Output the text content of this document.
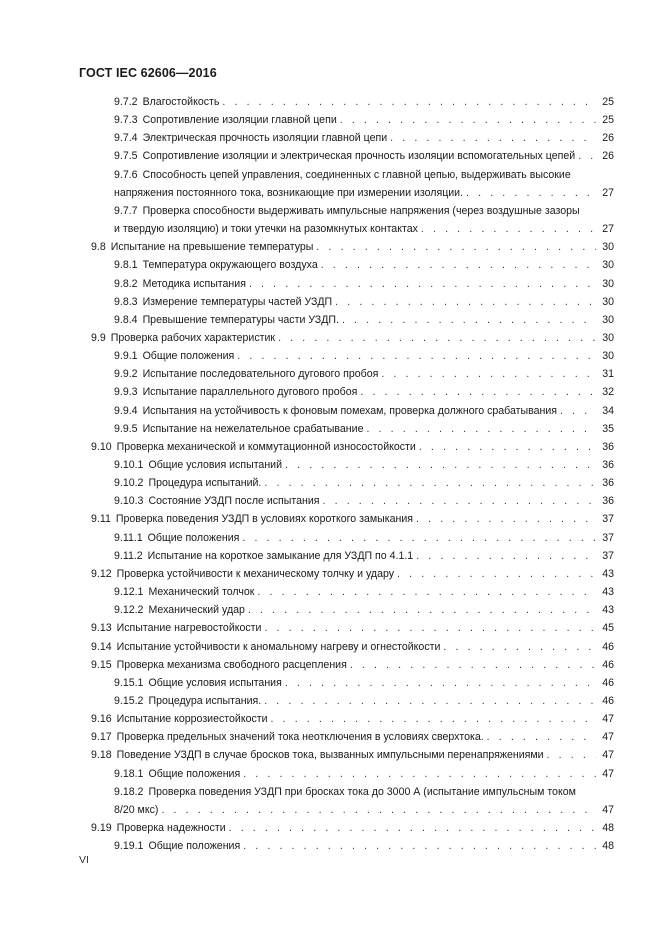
ГОСТ IEC 62606—2016
9.7.2 Влагостойкость . . .	25
9.7.3 Сопротивление изоляции главной цепи . . .	25
9.7.4 Электрическая прочность изоляции главной цепи . . .	26
9.7.5 Сопротивление изоляции и электрическая прочность изоляции вспомогательных цепей . . .	26
9.7.6 Способность цепей управления, соединенных с главной цепью, выдерживать высокие
напряжения постоянного тока, возникающие при измерении изоляции. . . .	27
9.7.7 Проверка способности выдерживать импульсные напряжения (через воздушные зазоры
и твердую изоляцию) и токи утечки на разомкнутых контактах . . .	27
9.8 Испытание на превышение температуры . . .	30
9.8.1 Температура окружающего воздуха . . .	30
9.8.2 Методика испытания . . .	30
9.8.3 Измерение температуры частей УЗДП . . .	30
9.8.4 Превышение температуры части УЗДП. . . .	30
9.9 Проверка рабочих характеристик . . .	30
9.9.1 Общие положения . . .	30
9.9.2 Испытание последовательного дугового пробоя . . .	31
9.9.3 Испытание параллельного дугового пробоя . . .	32
9.9.4 Испытания на устойчивость к фоновым помехам, проверка должного срабатывания . . .	34
9.9.5 Испытание на нежелательное срабатывание . . .	35
9.10 Проверка механической и коммутационной износостойкости . . .	36
9.10.1 Общие условия испытаний . . .	36
9.10.2 Процедура испытаний. . . .	36
9.10.3 Состояние УЗДП после испытания . . .	36
9.11 Проверка поведения УЗДП в условиях короткого замыкания . . .	37
9.11.1 Общие положения . . .	37
9.11.2 Испытание на короткое замыкание для УЗДП по 4.1.1 . . .	37
9.12 Проверка устойчивости к механическому толчку и удару . . .	43
9.12.1 Механический толчок . . .	43
9.12.2 Механический удар . . .	43
9.13 Испытание нагревостойкости . . .	45
9.14 Испытание устойчивости к аномальному нагреву и огнестойкости . . .	46
9.15 Проверка механизма свободного расцепления . . .	46
9.15.1 Общие условия испытания . . .	46
9.15.2 Процедура испытания. . . .	46
9.16 Испытание коррозиестойкости . . .	47
9.17 Проверка предельных значений тока неотключения в условиях сверхтока. . . .	47
9.18 Поведение УЗДП в случае бросков тока, вызванных импульсными перенапряжениями . . .	47
9.18.1 Общие положения . . .	47
9.18.2 Проверка поведения УЗДП при бросках тока до 3000 А (испытание импульсным током
8/20 мкс) . . .	47
9.19 Проверка надежности . . .	48
9.19.1 Общие положения . . .	48
VI
